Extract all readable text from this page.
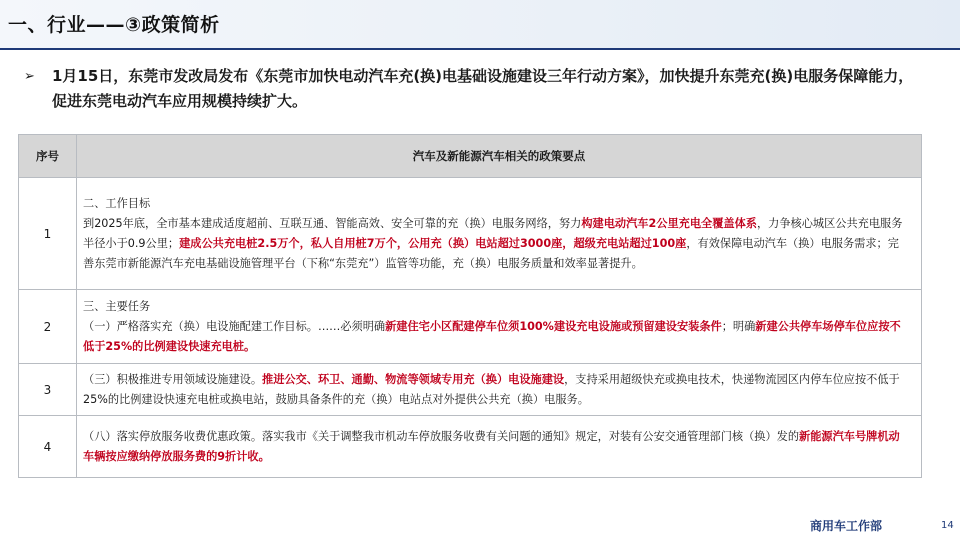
一、行业——③政策简析
➢	1月15日，东莞市发改局发布《东莞市加快电动汽车充(换)电基础设施建设三年行动方案》，加快提升东莞充(换)电服务保障能力，促进东莞电动汽车应用规模持续扩大。
序号	汽车及新能源汽车相关的政策要点
1	二、工作目标

到2025年底，全市基本建成适度超前、互联互通、智能高效、安全可靠的充（换）电服务网络，努力构建电动汽车2公里充电全覆盖体系，力争核心城区公共充电服务半径小于0.9公里；建成公共充电桩2.5万个，私人自用桩7万个，公用充（换）电站超过3000座，超级充电站超过100座，有效保障电动汽车（换）电服务需求；完善东莞市新能源汽车充电基础设施管理平台（下称“东莞充”）监管等功能，充（换）电服务质量和效率显著提升。

2	三、主要任务

（一）严格落实充（换）电设施配建工作目标。……必须明确新建住宅小区配建停车位须100%建设充电设施或预留建设安装条件；明确新建公共停车场停车位应按不低于25%的比例建设快速充电桩。

3	（三）积极推进专用领域设施建设。推进公交、环卫、通勤、物流等领域专用充（换）电设施建设，支持采用超级快充或换电技术，快递物流园区内停车位应按不低于25%的比例建设快速充电桩或换电站，鼓励具备条件的充（换）电站点对外提供公共充（换）电服务。

4	（八）落实停放服务收费优惠政策。落实我市《关于调整我市机动车停放服务收费有关问题的通知》规定，对装有公安交通管理部门核（换）发的新能源汽车号牌机动车辆按应缴纳停放服务费的9折计收。

商用车工作部	14
